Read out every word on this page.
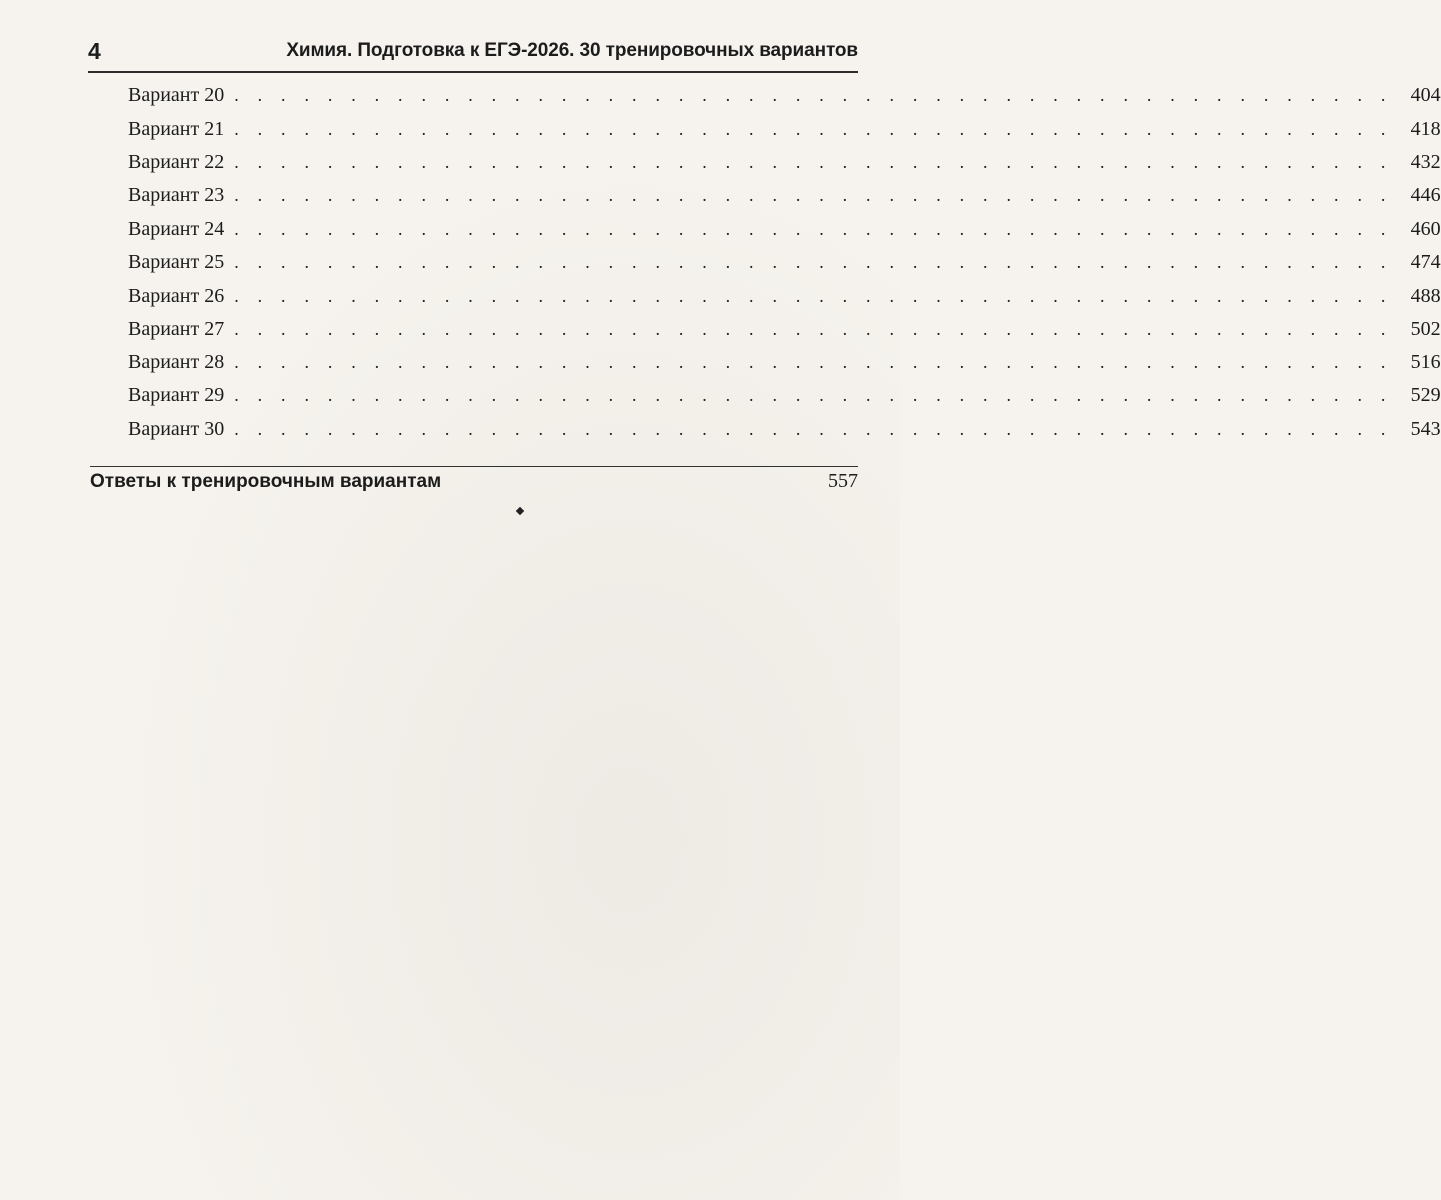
4	Химия. Подготовка к ЕГЭ-2026. 30 тренировочных вариантов
Вариант 20 . . . . . . . . . . . . . . . . . . . . . . . . . . . . . . . . . . . . . . . . . . . . . . . . . . 404
Вариант 21 . . . . . . . . . . . . . . . . . . . . . . . . . . . . . . . . . . . . . . . . . . . . . . . . . . 418
Вариант 22 . . . . . . . . . . . . . . . . . . . . . . . . . . . . . . . . . . . . . . . . . . . . . . . . . . 432
Вариант 23 . . . . . . . . . . . . . . . . . . . . . . . . . . . . . . . . . . . . . . . . . . . . . . . . . . 446
Вариант 24 . . . . . . . . . . . . . . . . . . . . . . . . . . . . . . . . . . . . . . . . . . . . . . . . . . 460
Вариант 25 . . . . . . . . . . . . . . . . . . . . . . . . . . . . . . . . . . . . . . . . . . . . . . . . . . 474
Вариант 26 . . . . . . . . . . . . . . . . . . . . . . . . . . . . . . . . . . . . . . . . . . . . . . . . . . 488
Вариант 27 . . . . . . . . . . . . . . . . . . . . . . . . . . . . . . . . . . . . . . . . . . . . . . . . . . 502
Вариант 28 . . . . . . . . . . . . . . . . . . . . . . . . . . . . . . . . . . . . . . . . . . . . . . . . . . 516
Вариант 29 . . . . . . . . . . . . . . . . . . . . . . . . . . . . . . . . . . . . . . . . . . . . . . . . . . 529
Вариант 30 . . . . . . . . . . . . . . . . . . . . . . . . . . . . . . . . . . . . . . . . . . . . . . . . . . 543
Ответы к тренировочным вариантам	557
